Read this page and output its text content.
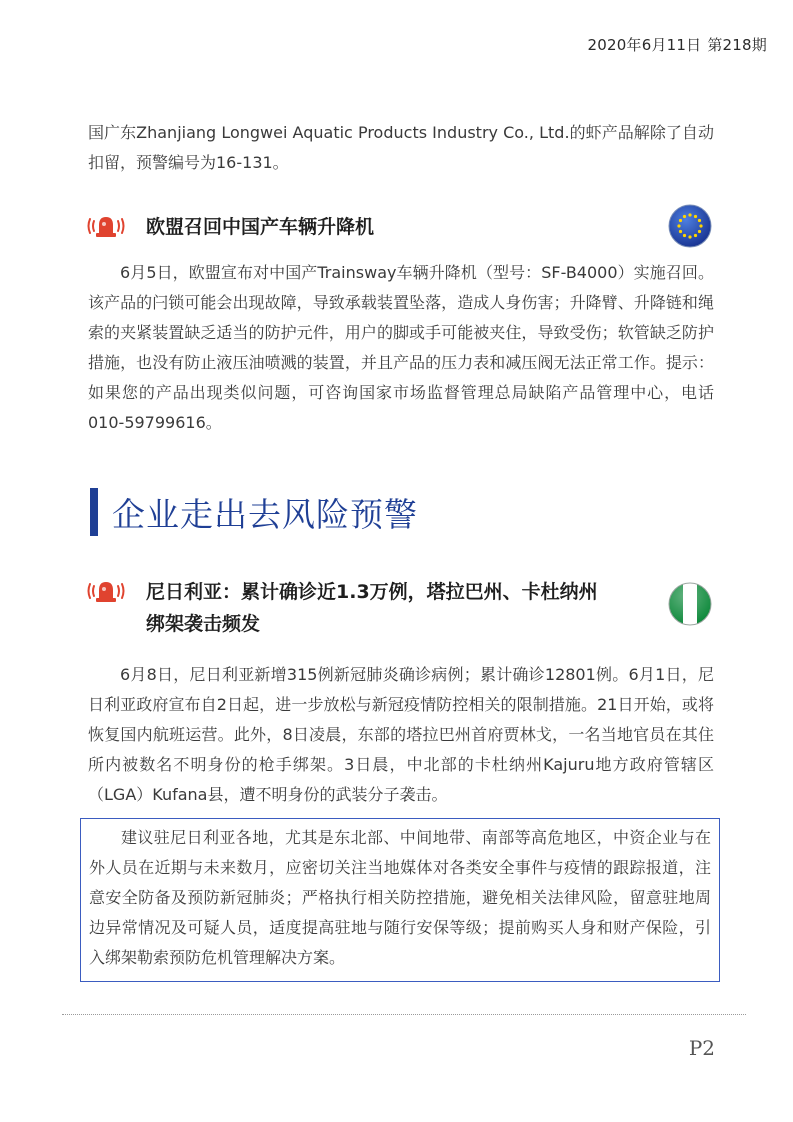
2020年6月11日 第218期

国广东Zhanjiang Longwei Aquatic Products Industry Co., Ltd.的虾产品解除了自动扣留，预警编号为16-131。

欧盟召回中国产车辆升降机

6月5日，欧盟宣布对中国产Trainsway车辆升降机（型号：SF-B4000）实施召回。该产品的闩锁可能会出现故障，导致承载装置坠落，造成人身伤害；升降臂、升降链和绳索的夹紧装置缺乏适当的防护元件，用户的脚或手可能被夹住，导致受伤；软管缺乏防护措施，也没有防止液压油喷溅的装置，并且产品的压力表和减压阀无法正常工作。提示：如果您的产品出现类似问题，可咨询国家市场监督管理总局缺陷产品管理中心，电话010-59799616。

企业走出去风险预警
尼日利亚：累计确诊近1.3万例，塔拉巴州、卡杜纳州
绑架袭击频发

6月8日，尼日利亚新增315例新冠肺炎确诊病例；累计确诊12801例。6月1日，尼日利亚政府宣布自2日起，进一步放松与新冠疫情防控相关的限制措施。21日开始，或将恢复国内航班运营。此外，8日凌晨，东部的塔拉巴州首府贾林戈，一名当地官员在其住所内被数名不明身份的枪手绑架。3日晨，中北部的卡杜纳州Kajuru地方政府管辖区（LGA）Kufana县，遭不明身份的武装分子袭击。

建议驻尼日利亚各地，尤其是东北部、中间地带、南部等高危地区，中资企业与在外人员在近期与未来数月，应密切关注当地媒体对各类安全事件与疫情的跟踪报道，注意安全防备及预防新冠肺炎；严格执行相关防控措施，避免相关法律风险，留意驻地周边异常情况及可疑人员，适度提高驻地与随行安保等级；提前购买人身和财产保险，引入绑架勒索预防危机管理解决方案。

P2
